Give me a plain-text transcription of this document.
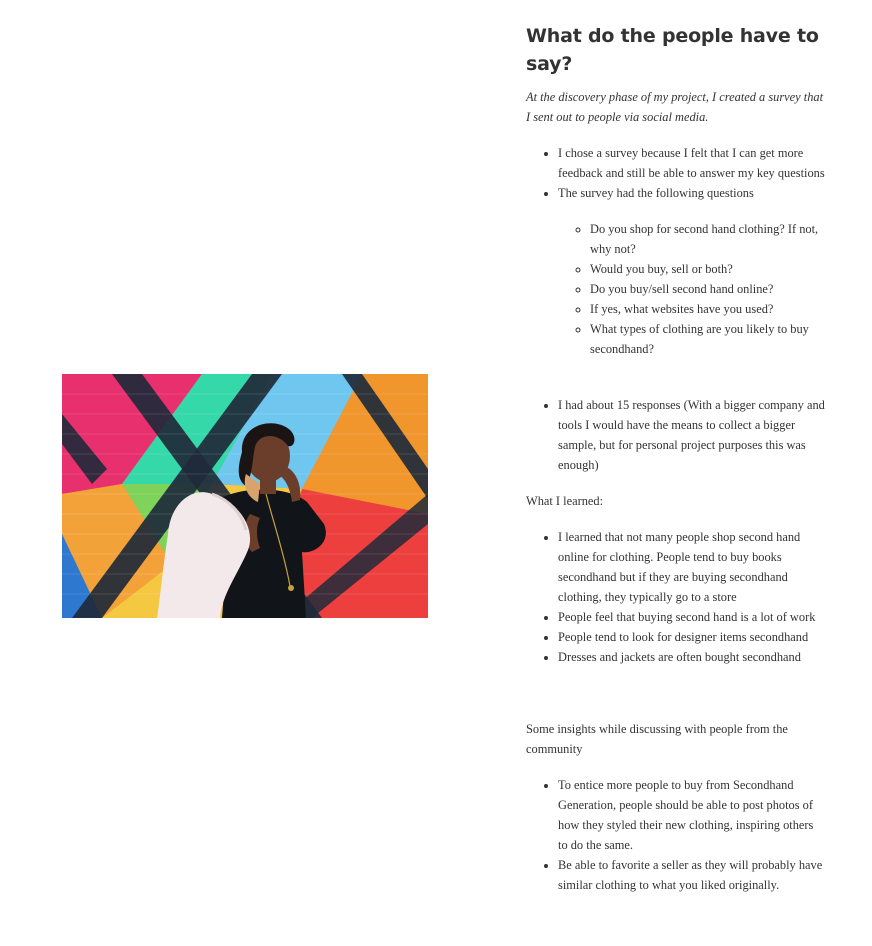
What do the people have to say?

At the discovery phase of my project, I created a survey that I sent out to people via social media.

• I chose a survey because I felt that I can get more feedback and still be able to answer my key questions
• The survey had the following questions
◦ Do you shop for second hand clothing? If not, why not?
◦ Would you buy, sell or both?
◦ Do you buy/sell second hand online?
◦ If yes, what websites have you used?
◦ What types of clothing are you likely to buy secondhand?
• I had about 15 responses (With a bigger company and tools I would have the means to collect a bigger sample, but for personal project purposes this was enough)

What I learned:

• I learned that not many people shop second hand online for clothing. People tend to buy books secondhand but if they are buying secondhand clothing, they typically go to a store
• People feel that buying second hand is a lot of work
• People tend to look for designer items secondhand
• Dresses and jackets are often bought secondhand

Some insights while discussing with people from the community

• To entice more people to buy from Secondhand Generation, people should be able to post photos of how they styled their new clothing, inspiring others to do the same.
• Be able to favorite a seller as they will probably have similar clothing to what you liked originally.
